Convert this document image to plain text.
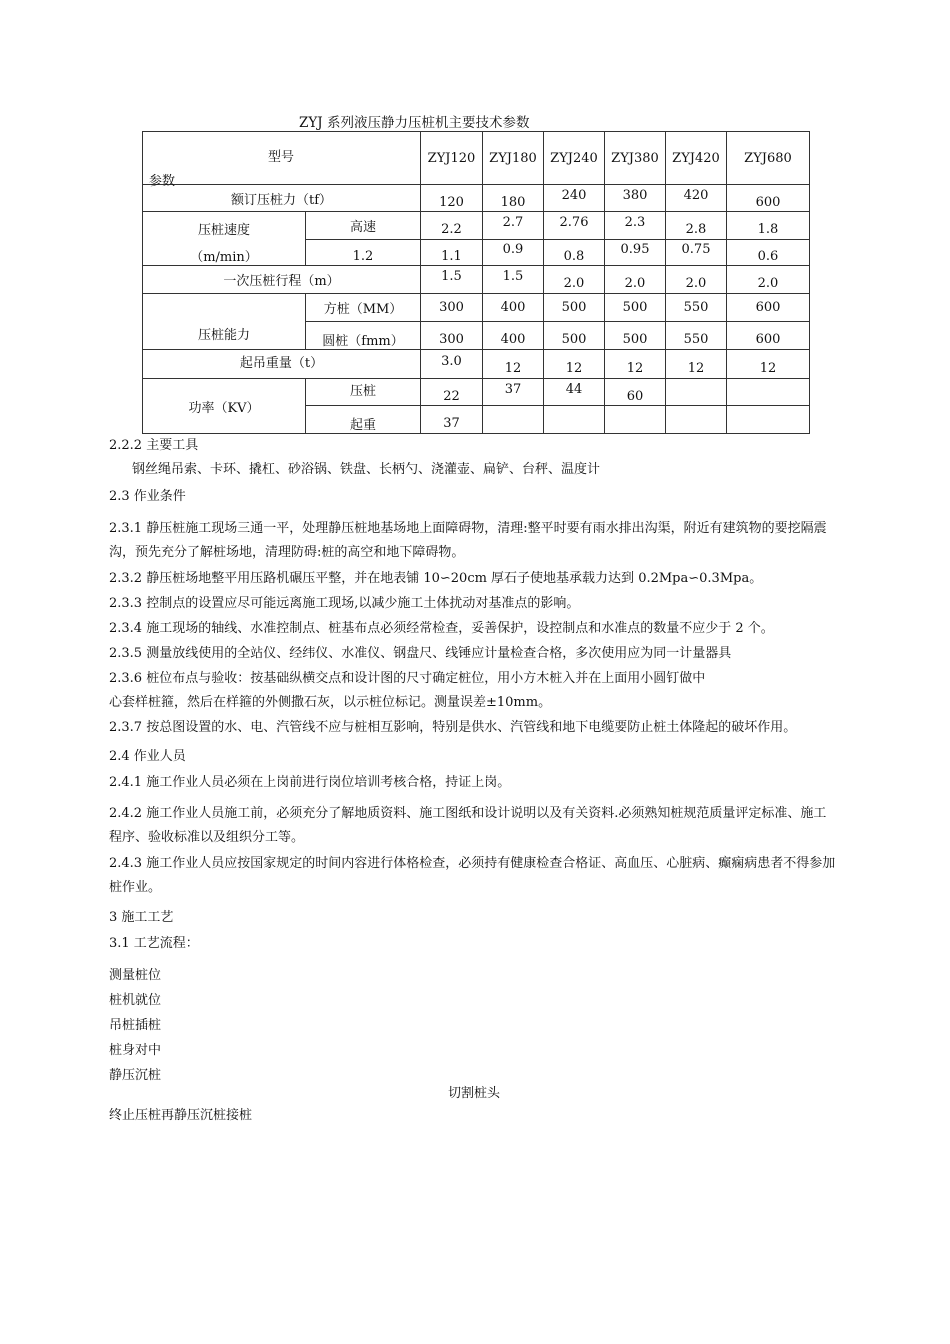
ZYJ 系列液压静力压桩机主要技术参数
型号
参数		ZYJ120	ZYJ180	ZYJ240	ZYJ380	ZYJ420	ZYJ680
额订压桩力（tf）		120	180	240	380	420	600

压桩速度
（m/min）	高速	2.2	2.7	2.76	2.3	2.8	1.8

	1.2	1.1	0.9	0.8	0.95	0.75	0.6

一次压桩行程（m）		1.5	1.5	2.0	2.0	2.0	2.0

压桩能力	方桩（MM）	300	400	500	500	550	600

	圆桩（fmm）	300	400	500	500	550	600

起吊重量（t）		3.0	12	12	12	12	12

功率（KV）	压桩	22	37	44	60		

	起重	37					

2.2.2 主要工具
钢丝绳吊索、卡环、撬杠、砂浴锅、铁盘、长柄勺、浇灌壶、扁铲、台秤、温度计
2.3 作业条件
2.3.1 静压桩施工现场三通一平，处理静压桩地基场地上面障碍物，清理:整平时要有雨水排出沟渠，附近有建筑物的要挖隔震沟，预先充分了解桩场地，清理防碍:桩的高空和地下障碍物。
2.3.2 静压桩场地整平用压路机碾压平整，并在地表铺 10∽20cm 厚石子使地基承载力达到 0.2Mpa∽0.3Mpa。
2.3.3 控制点的设置应尽可能远离施工现场,以减少施工土体扰动对基准点的影响。
2.3.4 施工现场的轴线、水准控制点、桩基布点必须经常检查，妥善保护，设控制点和水准点的数量不应少于 2 个。
2.3.5 测量放线使用的全站仪、经纬仪、水准仪、钢盘尺、线锤应计量检查合格，多次使用应为同一计量器具
2.3.6 桩位布点与验收：按基础纵横交点和设计图的尺寸确定桩位，用小方木桩入并在上面用小圆钉做中
心套样桩箍，然后在样箍的外侧撒石灰，以示桩位标记。测量误差±10mm。
2.3.7 按总图设置的水、电、汽管线不应与桩相互影响，特别是供水、汽管线和地下电缆要防止桩土体隆起的破坏作用。
2.4 作业人员
2.4.1 施工作业人员必须在上岗前进行岗位培训考核合格，持证上岗。
2.4.2 施工作业人员施工前，必须充分了解地质资料、施工图纸和设计说明以及有关资料.必须熟知桩规范质量评定标准、施工程序、验收标准以及组织分工等。
2.4.3 施工作业人员应按国家规定的时间内容进行体格检查，必须持有健康检查合格证、高血压、心脏病、癫痫病患者不得参加桩作业。
3 施工工艺
3.1 工艺流程：
测量桩位
桩机就位
吊桩插桩
桩身对中
静压沉桩
切割桩头
终止压桩再静压沉桩接桩
